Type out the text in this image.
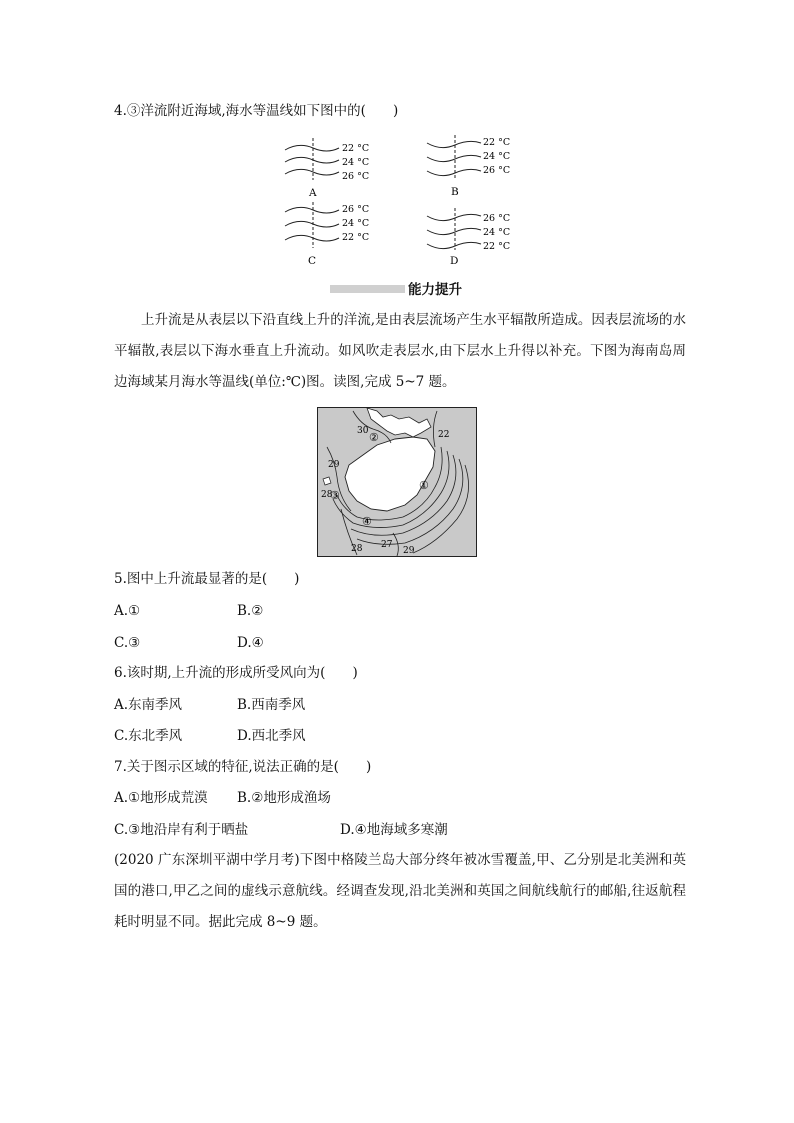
4.③洋流附近海域,海水等温线如下图中的(　　)
22 °C
24 °C
26 °C
A
22 °C
24 °C
26 °C
B
26 °C
24 °C
22 °C
C
26 °C
24 °C
22 °C
D
能力提升
上升流是从表层以下沿直线上升的洋流,是由表层流场产生水平辐散所造成。因表层流场的水平辐散,表层以下海水垂直上升流动。如风吹走表层水,由下层水上升得以补充。下图为海南岛周边海域某月海水等温线(单位:℃)图。读图,完成 5~7 题。
30	22
29
28
27
29
28
①
②
③
④
5.图中上升流最显著的是(　　)
A.①	B.②
C.③	D.④
6.该时期,上升流的形成所受风向为(　　)
A.东南季风	B.西南季风
C.东北季风	D.西北季风
7.关于图示区域的特征,说法正确的是(　　)
A.①地形成荒漠 B.②地形成渔场
C.③地沿岸有利于晒盐	D.④地海域多寒潮
(2020 广东深圳平湖中学月考)下图中格陵兰岛大部分终年被冰雪覆盖,甲、乙分别是北美洲和英国的港口,甲乙之间的虚线示意航线。经调查发现,沿北美洲和英国之间航线航行的邮船,往返航程耗时明显不同。据此完成 8~9 题。
